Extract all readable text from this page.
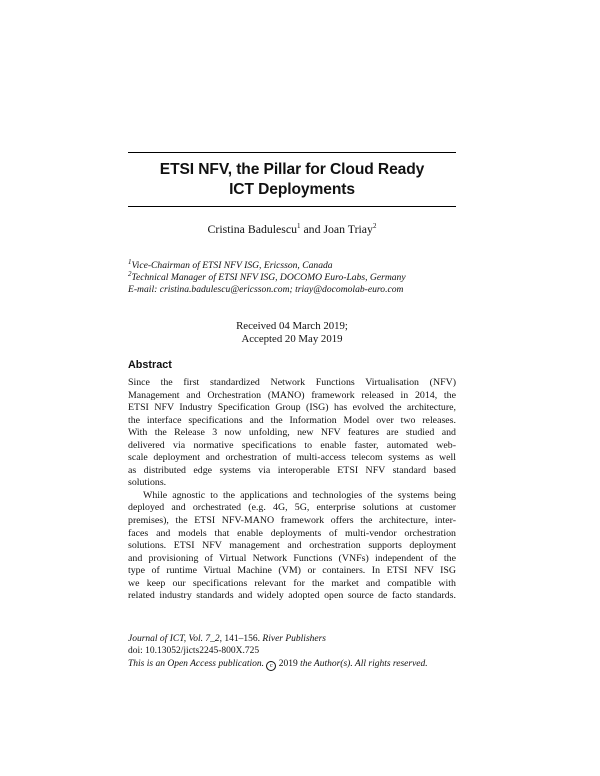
ETSI NFV, the Pillar for Cloud Ready
ICT Deployments
Cristina Badulescu$^1$ and Joan Triay$^2$
$^1$Vice-Chairman of ETSI NFV ISG, Ericsson, Canada
$^2$Technical Manager of ETSI NFV ISG, DOCOMO Euro-Labs, Germany
E-mail: cristina.badulescu@ericsson.com; triay@docomolab-euro.com
Received 04 March 2019;
Accepted 20 May 2019
Abstract
Since the first standardized Network Functions Virtualisation (NFV)
Management and Orchestration (MANO) framework released in 2014, the
ETSI NFV Industry Specification Group (ISG) has evolved the architecture,
the interface specifications and the Information Model over two releases.
With the Release 3 now unfolding, new NFV features are studied and
delivered via normative specifications to enable faster, automated web-
scale deployment and orchestration of multi-access telecom systems as well
as distributed edge systems via interoperable ETSI NFV standard based
solutions.
While agnostic to the applications and technologies of the systems being
deployed and orchestrated (e.g. 4G, 5G, enterprise solutions at customer
premises), the ETSI NFV-MANO framework offers the architecture, inter-
faces and models that enable deployments of multi-vendor orchestration
solutions. ETSI NFV management and orchestration supports deployment
and provisioning of Virtual Network Functions (VNFs) independent of the
type of runtime Virtual Machine (VM) or containers. In ETSI NFV ISG
we keep our specifications relevant for the market and compatible with
related industry standards and widely adopted open source de facto standards.
Journal of ICT, Vol. 7_2, 141–156. River Publishers
doi: 10.13052/jicts2245-800X.725
This is an Open Access publication. c 2019 the Author(s). All rights reserved.
